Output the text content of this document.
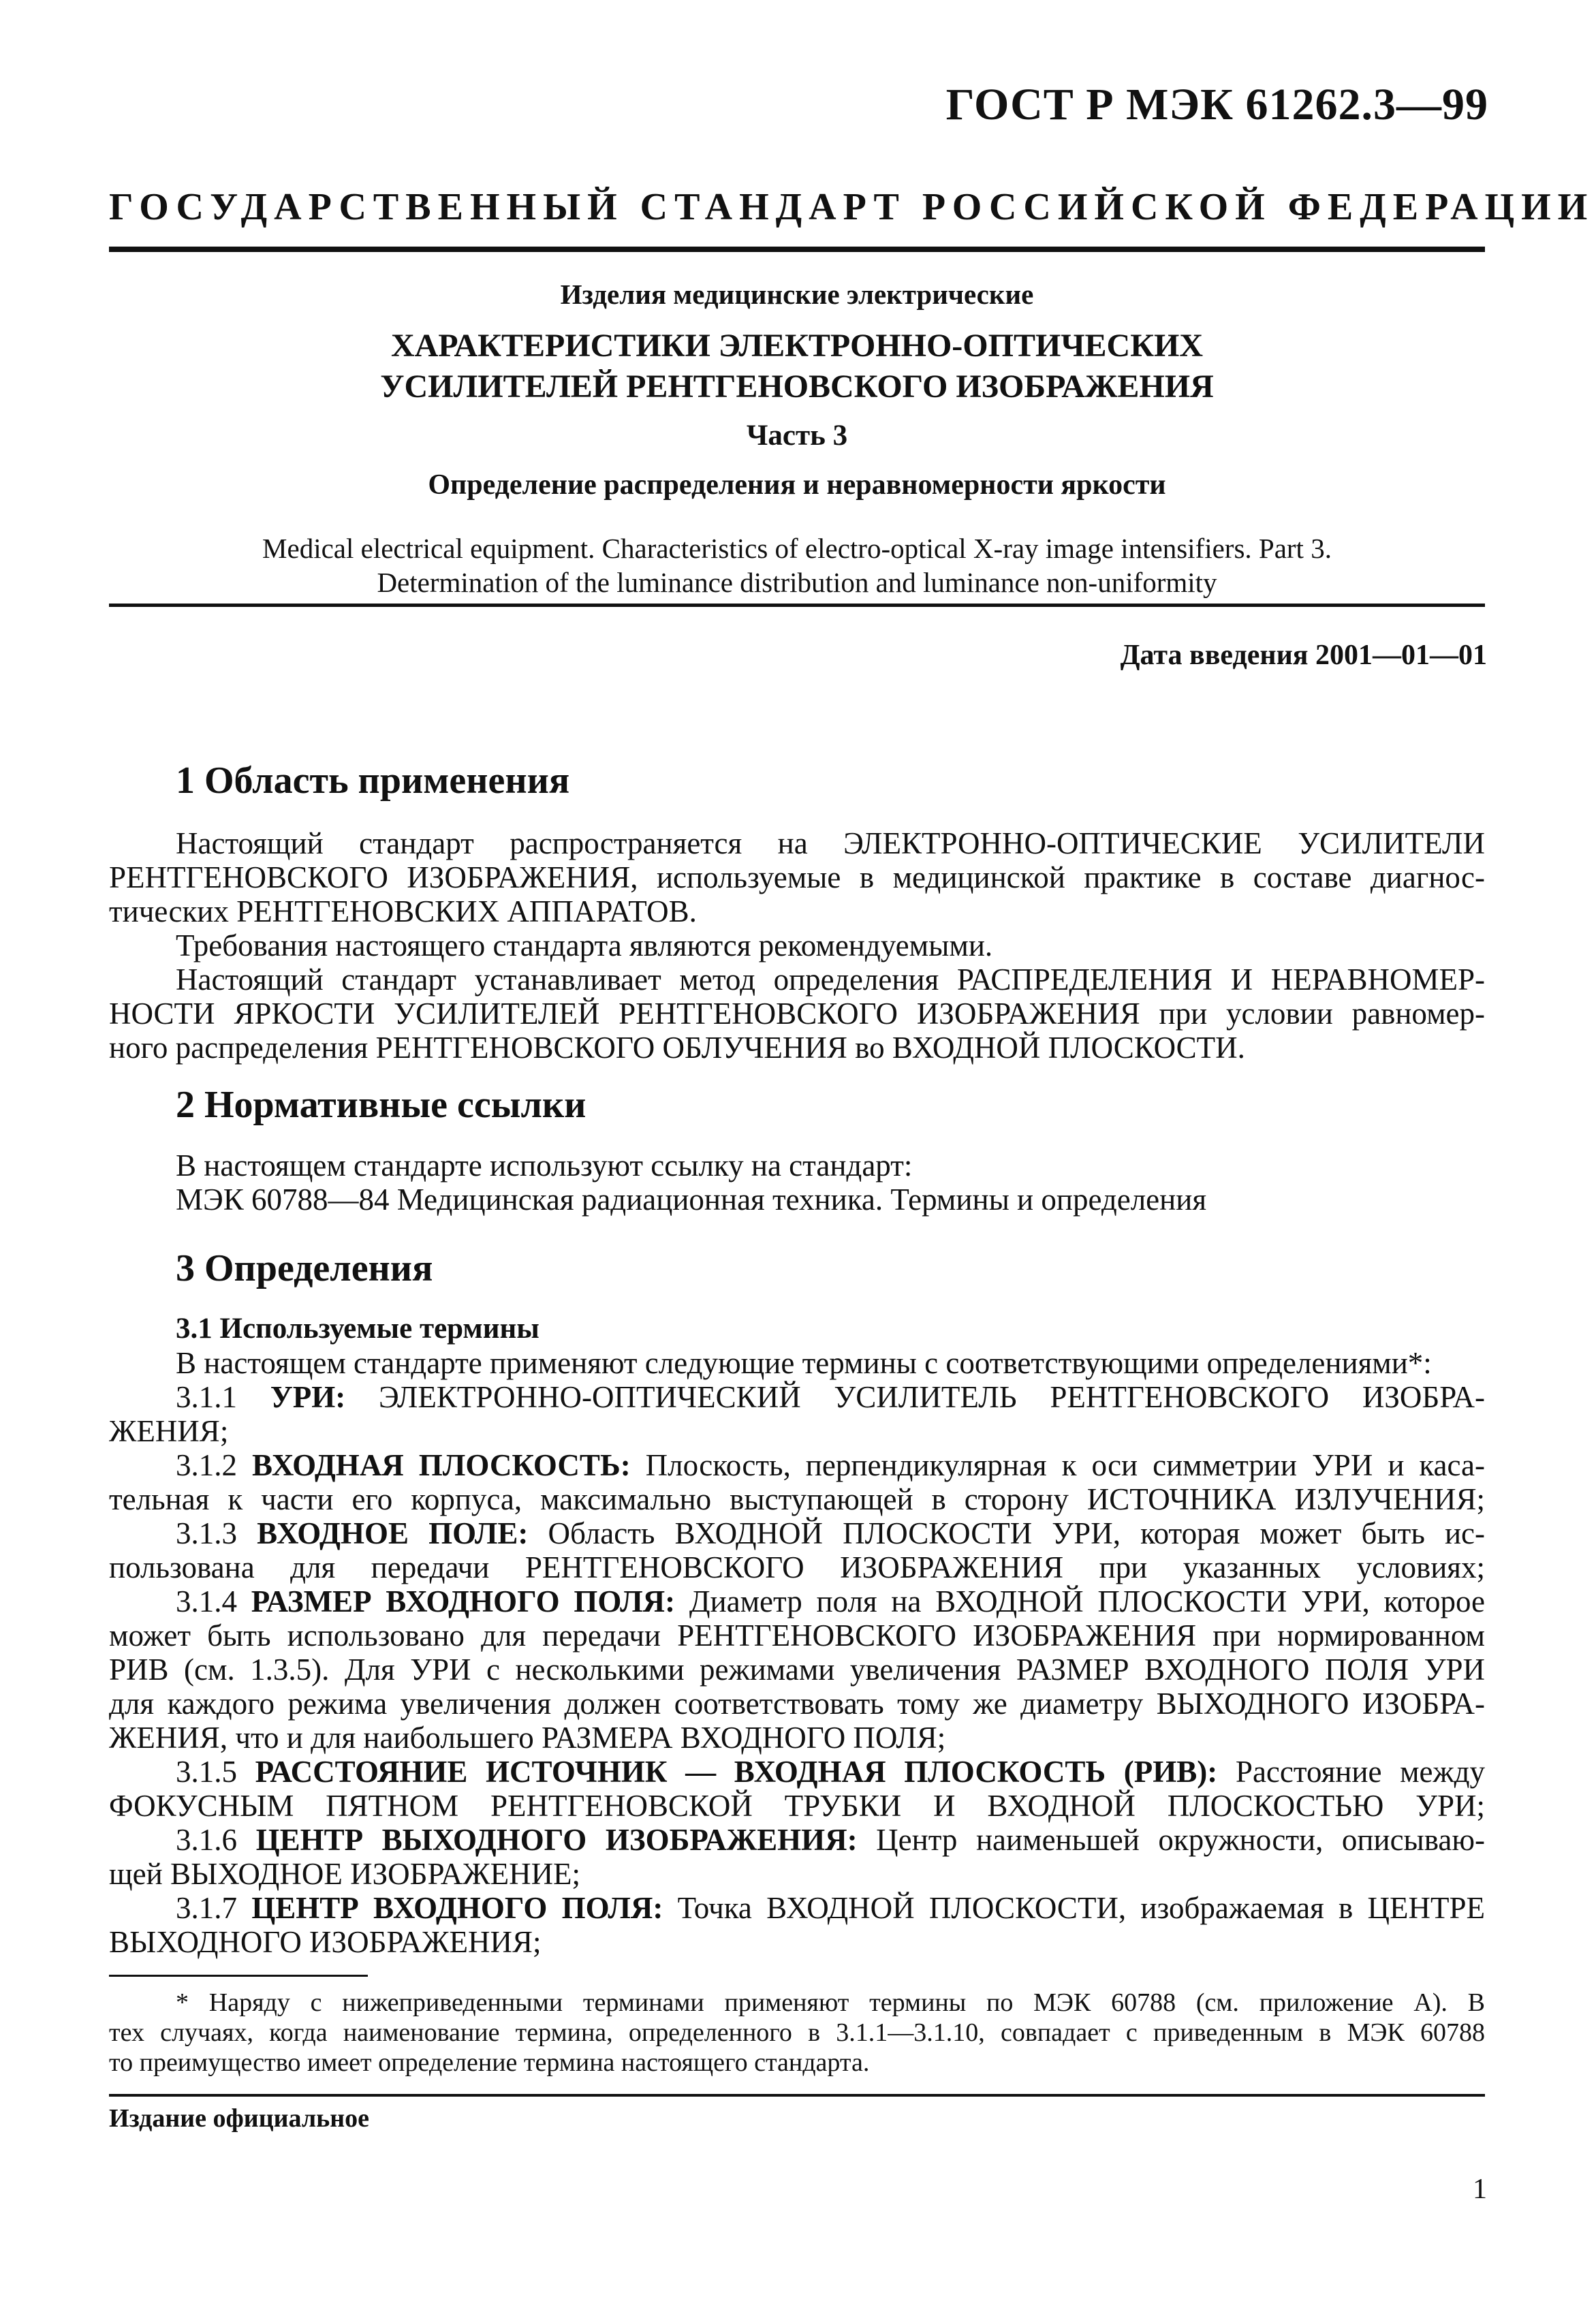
ГОСТ Р МЭК 61262.3—99
ГОСУДАРСТВЕННЫЙ СТАНДАРТ РОССИЙСКОЙ ФЕДЕРАЦИИ
Изделия медицинские электрические
ХАРАКТЕРИСТИКИ ЭЛЕКТРОННО-ОПТИЧЕСКИХ
УСИЛИТЕЛЕЙ РЕНТГЕНОВСКОГО ИЗОБРАЖЕНИЯ
Часть 3
Определение распределения и неравномерности яркости
Medical electrical equipment. Characteristics of electro-optical X-ray image intensifiers. Part 3.
Determination of the luminance distribution and luminance non-uniformity
Дата введения 2001—01—01
1 Область применения
Настоящий стандарт распространяется на ЭЛЕКТРОННО-ОПТИЧЕСКИЕ УСИЛИТЕЛИ
РЕНТГЕНОВСКОГО ИЗОБРАЖЕНИЯ, используемые в медицинской практике в составе диагнос-
тических РЕНТГЕНОВСКИХ АППАРАТОВ.
Требования настоящего стандарта являются рекомендуемыми.
Настоящий стандарт устанавливает метод определения РАСПРЕДЕЛЕНИЯ И НЕРАВНОМЕР-
НОСТИ ЯРКОСТИ УСИЛИТЕЛЕЙ РЕНТГЕНОВСКОГО ИЗОБРАЖЕНИЯ при условии равномер-
ного распределения РЕНТГЕНОВСКОГО ОБЛУЧЕНИЯ во ВХОДНОЙ ПЛОСКОСТИ.
2 Нормативные ссылки
В настоящем стандарте используют ссылку на стандарт:
МЭК 60788—84 Медицинская радиационная техника. Термины и определения
3 Определения
3.1 Используемые термины
В настоящем стандарте применяют следующие термины с соответствующими определениями*:
3.1.1 УРИ: ЭЛЕКТРОННО-ОПТИЧЕСКИЙ УСИЛИТЕЛЬ РЕНТГЕНОВСКОГО ИЗОБРА-
ЖЕНИЯ;
3.1.2 ВХОДНАЯ ПЛОСКОСТЬ: Плоскость, перпендикулярная к оси симметрии УРИ и каса-
тельная к части его корпуса, максимально выступающей в сторону ИСТОЧНИКА ИЗЛУЧЕНИЯ;
3.1.3 ВХОДНОЕ ПОЛЕ: Область ВХОДНОЙ ПЛОСКОСТИ УРИ, которая может быть ис-
пользована для передачи РЕНТГЕНОВСКОГО ИЗОБРАЖЕНИЯ при указанных условиях;
3.1.4 РАЗМЕР ВХОДНОГО ПОЛЯ: Диаметр поля на ВХОДНОЙ ПЛОСКОСТИ УРИ, которое
может быть использовано для передачи РЕНТГЕНОВСКОГО ИЗОБРАЖЕНИЯ при нормированном
РИВ (см. 1.3.5). Для УРИ с несколькими режимами увеличения РАЗМЕР ВХОДНОГО ПОЛЯ УРИ
для каждого режима увеличения должен соответствовать тому же диаметру ВЫХОДНОГО ИЗОБРА-
ЖЕНИЯ, что и для наибольшего РАЗМЕРА ВХОДНОГО ПОЛЯ;
3.1.5 РАССТОЯНИЕ ИСТОЧНИК — ВХОДНАЯ ПЛОСКОСТЬ (РИВ): Расстояние между
ФОКУСНЫМ ПЯТНОМ РЕНТГЕНОВСКОЙ ТРУБКИ И ВХОДНОЙ ПЛОСКОСТЬЮ УРИ;
3.1.6 ЦЕНТР ВЫХОДНОГО ИЗОБРАЖЕНИЯ: Центр наименьшей окружности, описываю-
щей ВЫХОДНОЕ ИЗОБРАЖЕНИЕ;
3.1.7 ЦЕНТР ВХОДНОГО ПОЛЯ: Точка ВХОДНОЙ ПЛОСКОСТИ, изображаемая в ЦЕНТРЕ
ВЫХОДНОГО ИЗОБРАЖЕНИЯ;
* Наряду с нижеприведенными терминами применяют термины по МЭК 60788 (см. приложение А). В
тех случаях, когда наименование термина, определенного в 3.1.1—3.1.10, совпадает с приведенным в МЭК 60788
то преимущество имеет определение термина настоящего стандарта.
Издание официальное
1
